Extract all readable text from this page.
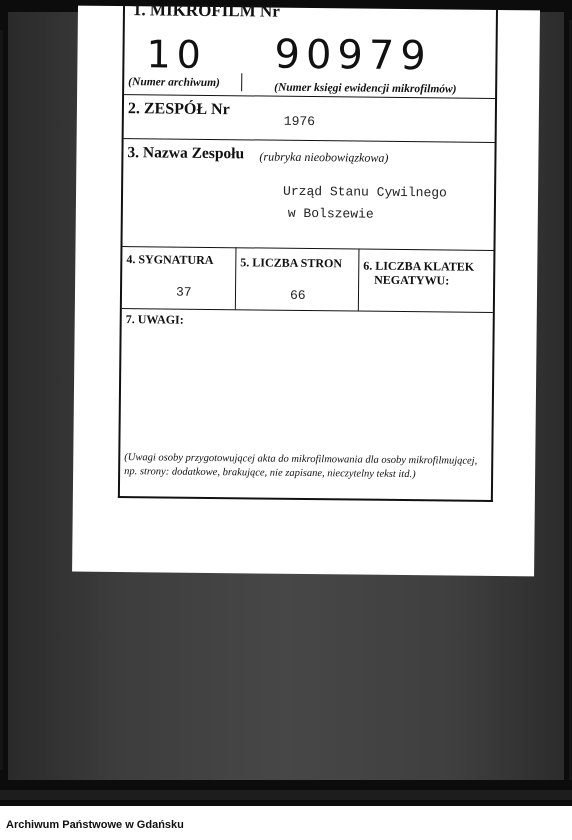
1. MIKROFILM Nr
10 90979
(Numer archiwum)	(Numer księgi ewidencji mikrofilmów)
2. ZESPÓŁ Nr
1976
3. Nazwa Zespołu (rubryka nieobowiązkowa)
Urząd Stanu Cywilnego
w Bolszewie
4. SYGNATURA
37
5. LICZBA STRON
66
6. LICZBA KLATEK
NEGATYWU:
7. UWAGI:
(Uwagi osoby przygotowującej akta do mikrofilmowania dla osoby mikrofilmującej,
np. strony: dodatkowe, brakujące, nie zapisane, nieczytelny tekst itd.)
Archiwum Państwowe w Gdańsku
